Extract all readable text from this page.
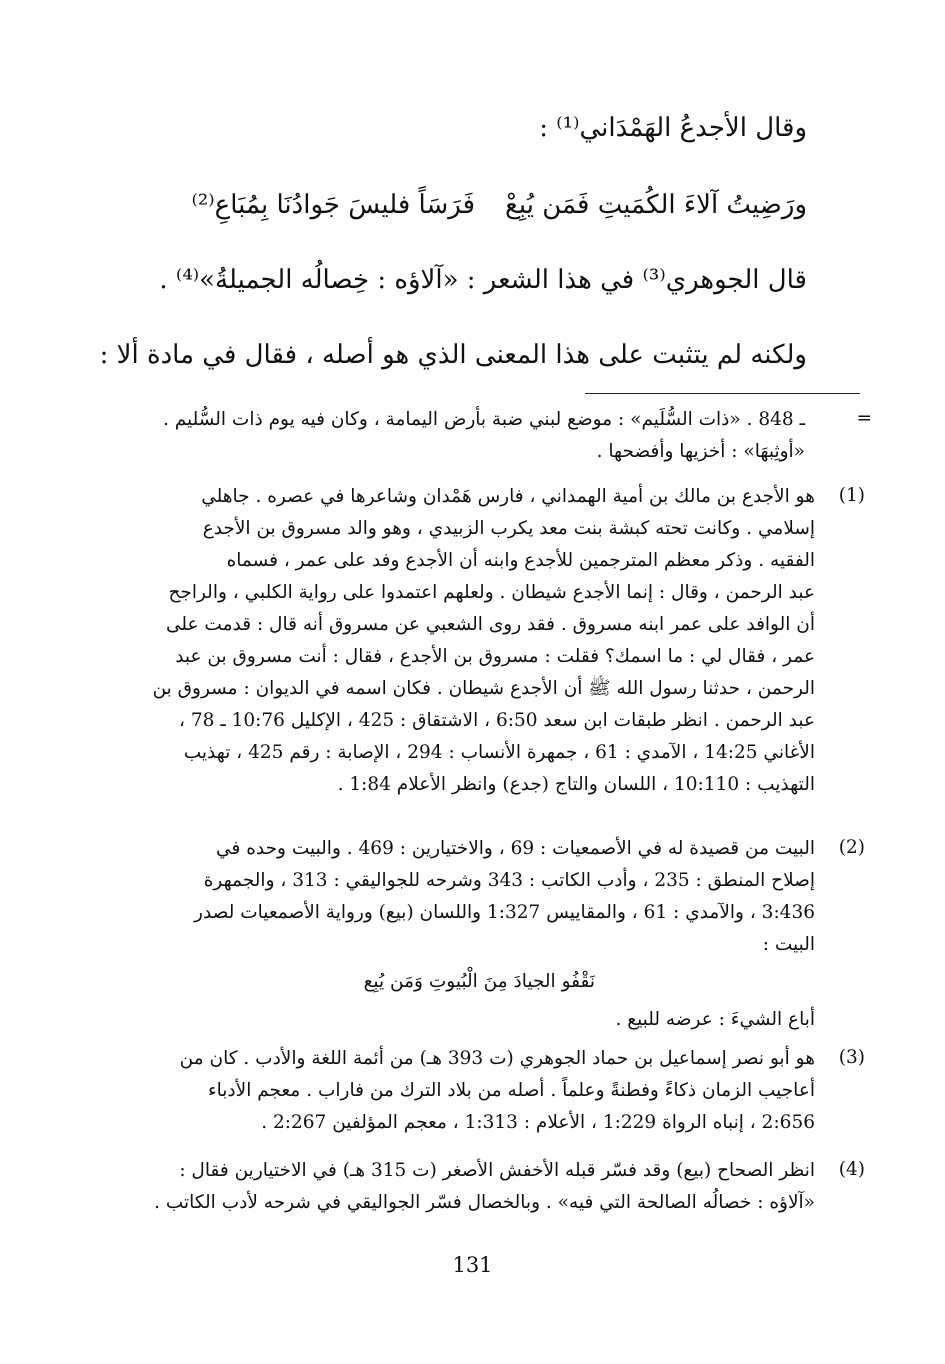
وقال الأجدعُ الهَمْدَاني⁽¹⁾ :

ورَضِيتُ آلاءَ الكُمَيتِ فَمَن يُبِعْ

فَرَسَاً فليسَ جَوادُنَا بِمُبَاعِ⁽²⁾

قال الجوهري⁽³⁾ في هذا الشعر : «آلاؤه : خِصالُه الجميلةُ»⁽⁴⁾ .

ولكنه لم يتثبت على هذا المعنى الذي هو أصله ، فقال في مادة ألا :

=

ـ 848 . «ذات السُّلَيم» : موضع لبني ضبة بأرض اليمامة ، وكان فيه يوم ذات السُّليم .

«أوثِبهَا» : أخزيها وأفضحها .

(1)

هو الأجدع بن مالك بن أمية الهمداني ، فارس هَمْدان وشاعرها في عصره . جاهلي

إسلامي . وكانت تحته كبشة بنت معد يكرب الزبيدي ، وهو والد مسروق بن الأجدع

الفقيه . وذكر معظم المترجمين للأجدع وابنه أن الأجدع وفد على عمر ، فسماه

عبد الرحمن ، وقال : إنما الأجدع شيطان . ولعلهم اعتمدوا على رواية الكلبي ، والراجح

أن الوافد على عمر ابنه مسروق . فقد روى الشعبي عن مسروق أنه قال : قدمت على

عمر ، فقال لي : ما اسمك؟ فقلت : مسروق بن الأجدع ، فقال : أنت مسروق بن عبد

الرحمن ، حدثنا رسول الله ﷺ أن الأجدع شيطان . فكان اسمه في الديوان : مسروق بن

عبد الرحمن . انظر طبقات ابن سعد 6:50 ، الاشتقاق : 425 ، الإكليل 10:76 ـ 78 ،

الأغاني 14:25 ، الآمدي : 61 ، جمهرة الأنساب : 294 ، الإصابة : رقم 425 ، تهذيب

التهذيب : 10:110 ، اللسان والتاج (جدع) وانظر الأعلام 1:84 .

(2)

البيت من قصيدة له في الأصمعيات : 69 ، والاختيارين : 469 . والبيت وحده في

إصلاح المنطق : 235 ، وأدب الكاتب : 343 وشرحه للجواليقي : 313 ، والجمهرة

3:436 ، والآمدي : 61 ، والمقاييس 1:327 واللسان (بيع) ورواية الأصمعيات لصدر

البيت :

نَقْفُو الجيادَ مِنَ الْبُيوتِ وَمَن يُبِع

أباع الشيءَ : عرضه للبيع .

(3)

هو أبو نصر إسماعيل بن حماد الجوهري (ت 393 هـ) من أئمة اللغة والأدب . كان من

أعاجيب الزمان ذكاءً وفطنةً وعلماً . أصله من بلاد الترك من فاراب . معجم الأدباء

2:656 ، إنباه الرواة 1:229 ، الأعلام : 1:313 ، معجم المؤلفين 2:267 .

(4)

انظر الصحاح (بيع) وقد فسّر قبله الأخفش الأصغر (ت 315 هـ) في الاختيارين فقال :

«آلاؤه : خصالُه الصالحة التي فيه» . وبالخصال فسّر الجواليقي في شرحه لأدب الكاتب .

131
